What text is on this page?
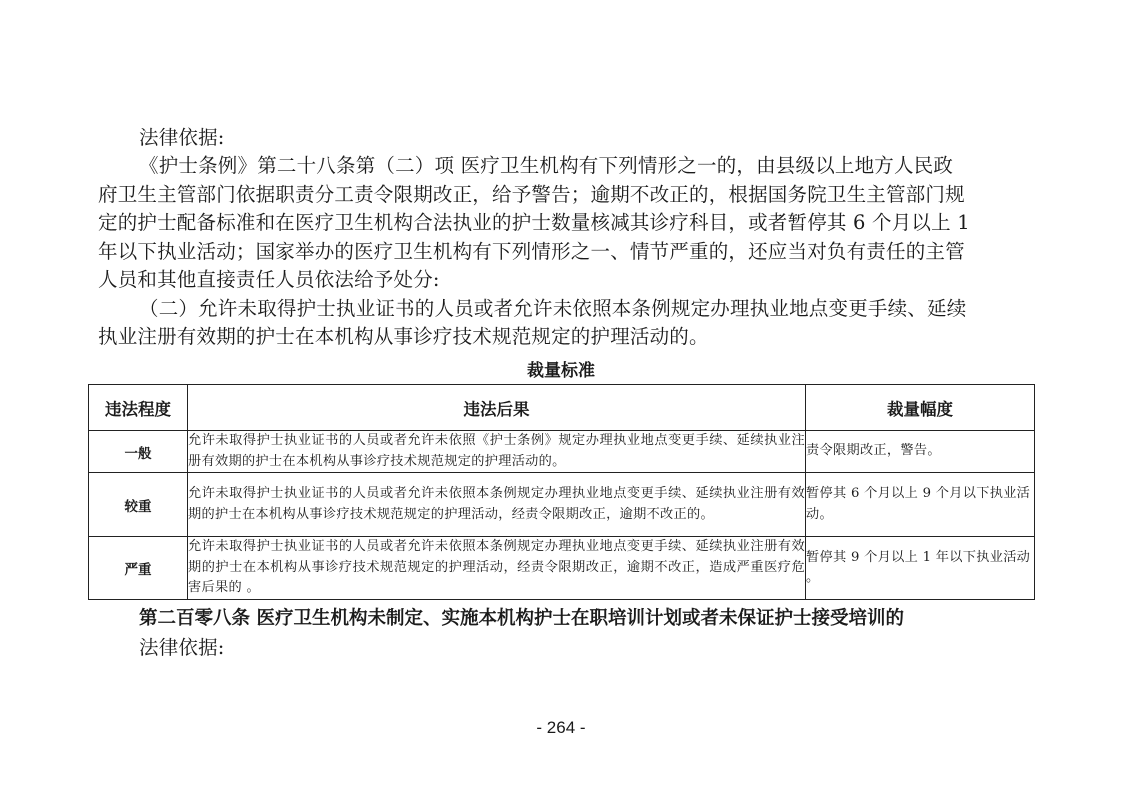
法律依据:
《护士条例》第二十八条第（二）项 医疗卫生机构有下列情形之一的，由县级以上地方人民政
府卫生主管部门依据职责分工责令限期改正，给予警告；逾期不改正的，根据国务院卫生主管部门规
定的护士配备标准和在医疗卫生机构合法执业的护士数量核减其诊疗科目，或者暂停其 6 个月以上 1
年以下执业活动；国家举办的医疗卫生机构有下列情形之一、情节严重的，还应当对负有责任的主管
人员和其他直接责任人员依法给予处分:
（二）允许未取得护士执业证书的人员或者允许未依照本条例规定办理执业地点变更手续、延续
执业注册有效期的护士在本机构从事诊疗技术规范规定的护理活动的。
裁量标准
违法程度	违法后果	裁量幅度
一般	允许未取得护士执业证书的人员或者允许未依照《护士条例》规定办理执业地点变更手续、延续执业注册有效期的护士在本机构从事诊疗技术规范规定的护理活动的。	责令限期改正，警告。
较重	允许未取得护士执业证书的人员或者允许未依照本条例规定办理执业地点变更手续、延续执业注册有效期的护士在本机构从事诊疗技术规范规定的护理活动，经责令限期改正，逾期不改正的。	暂停其 6 个月以上 9 个月以下执业活动。
严重	允许未取得护士执业证书的人员或者允许未依照本条例规定办理执业地点变更手续、延续执业注册有效期的护士在本机构从事诊疗技术规范规定的护理活动，经责令限期改正，逾期不改正，造成严重医疗危害后果的 。	暂停其 9 个月以上 1 年以下执业活动 。
第二百零八条 医疗卫生机构未制定、实施本机构护士在职培训计划或者未保证护士接受培训的
法律依据:
- 264 -
